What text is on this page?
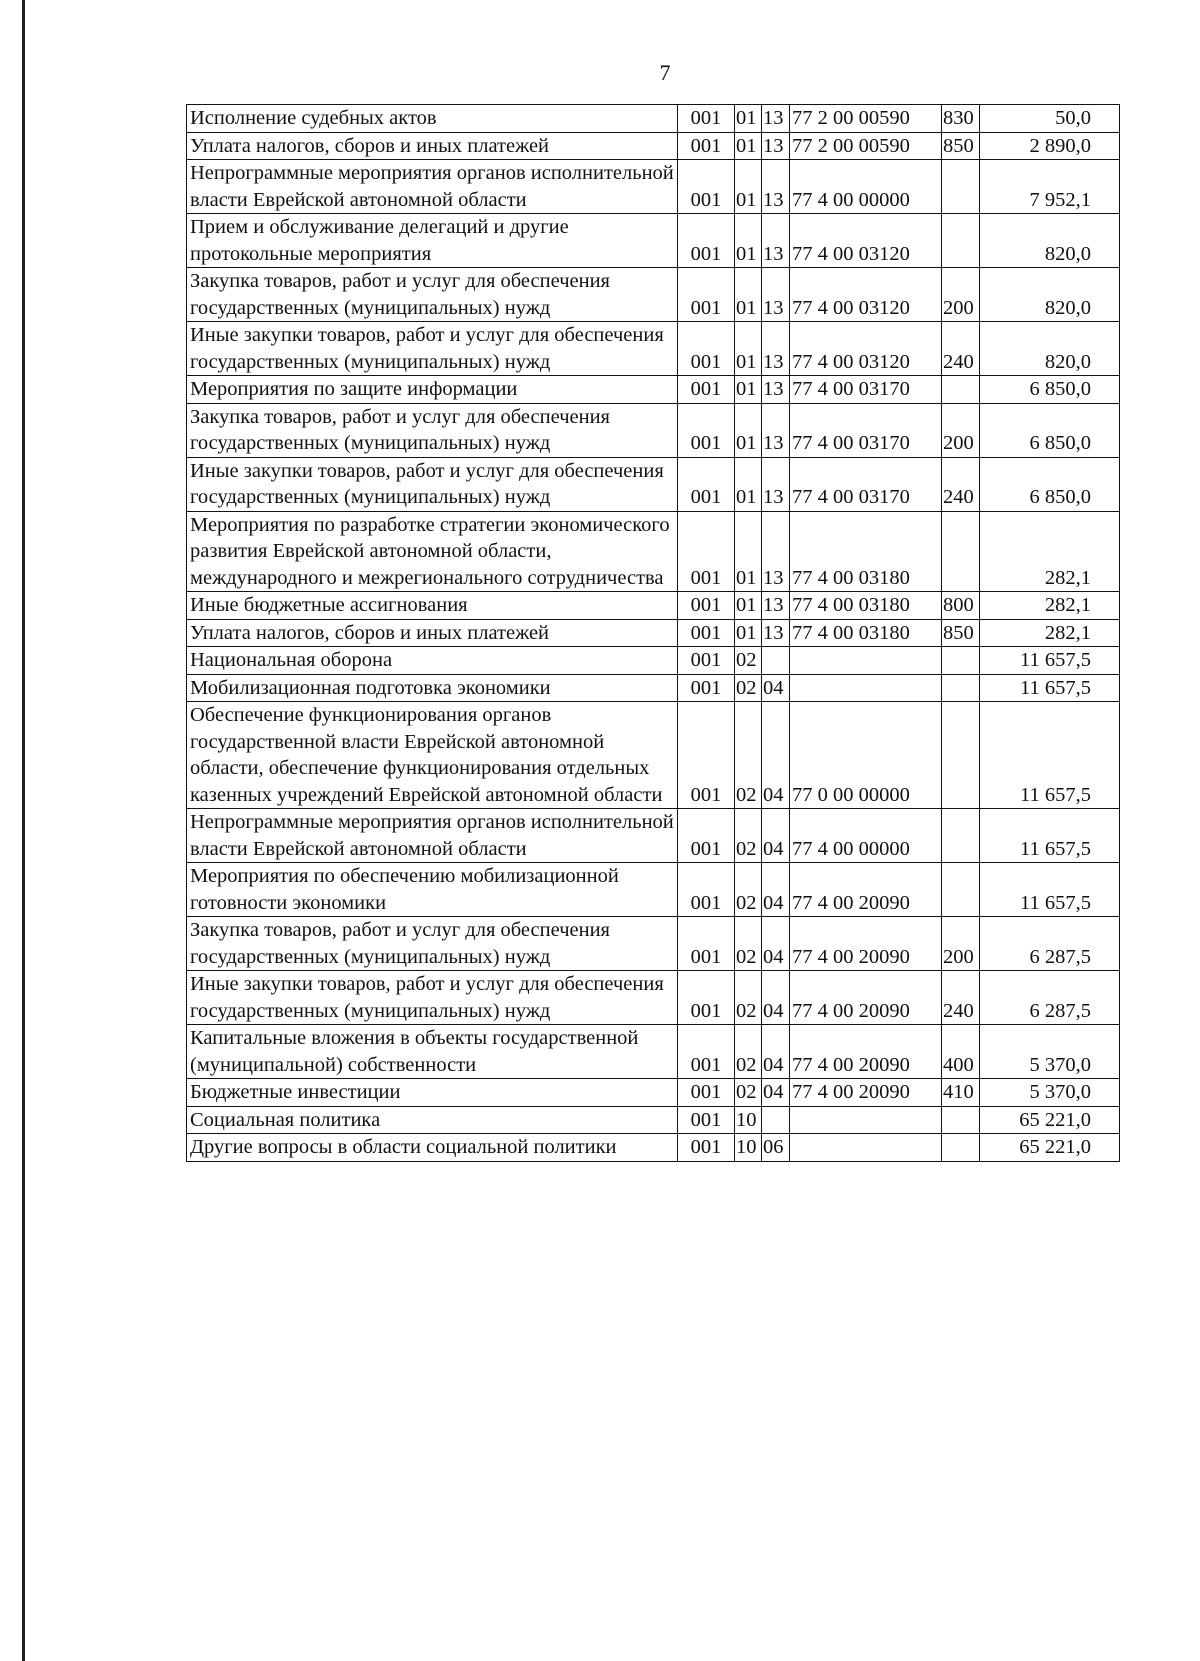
7
Исполнение судебных актов	001	01	13	77 2 00 00590	830	50,0
Уплата налогов, сборов и иных платежей	001	01	13	77 2 00 00590	850	2 890,0
Непрограммные мероприятия органов исполнительной власти Еврейской автономной области	001	01	13	77 4 00 00000		7 952,1
Прием и обслуживание делегаций и другие протокольные мероприятия	001	01	13	77 4 00 03120		820,0
Закупка товаров, работ и услуг для обеспечения государственных (муниципальных) нужд	001	01	13	77 4 00 03120	200	820,0
Иные закупки товаров, работ и услуг для обеспечения государственных (муниципальных) нужд	001	01	13	77 4 00 03120	240	820,0
Мероприятия по защите информации	001	01	13	77 4 00 03170		6 850,0
Закупка товаров, работ и услуг для обеспечения государственных (муниципальных) нужд	001	01	13	77 4 00 03170	200	6 850,0
Иные закупки товаров, работ и услуг для обеспечения государственных (муниципальных) нужд	001	01	13	77 4 00 03170	240	6 850,0
Мероприятия по разработке стратегии экономического развития Еврейской автономной области, международного и межрегионального сотрудничества	001	01	13	77 4 00 03180		282,1
Иные бюджетные ассигнования	001	01	13	77 4 00 03180	800	282,1
Уплата налогов, сборов и иных платежей	001	01	13	77 4 00 03180	850	282,1
Национальная оборона	001	02				11 657,5
Мобилизационная подготовка экономики	001	02	04			11 657,5
Обеспечение функционирования органов государственной власти Еврейской автономной области, обеспечение функционирования отдельных казенных учреждений Еврейской автономной области	001	02	04	77 0 00 00000		11 657,5
Непрограммные мероприятия органов исполнительной власти Еврейской автономной области	001	02	04	77 4 00 00000		11 657,5
Мероприятия по обеспечению мобилизационной готовности экономики	001	02	04	77 4 00 20090		11 657,5
Закупка товаров, работ и услуг для обеспечения государственных (муниципальных) нужд	001	02	04	77 4 00 20090	200	6 287,5
Иные закупки товаров, работ и услуг для обеспечения государственных (муниципальных) нужд	001	02	04	77 4 00 20090	240	6 287,5
Капитальные вложения в объекты государственной (муниципальной) собственности	001	02	04	77 4 00 20090	400	5 370,0
Бюджетные инвестиции	001	02	04	77 4 00 20090	410	5 370,0
Социальная политика	001	10				65 221,0
Другие вопросы в области социальной политики	001	10	06			65 221,0
